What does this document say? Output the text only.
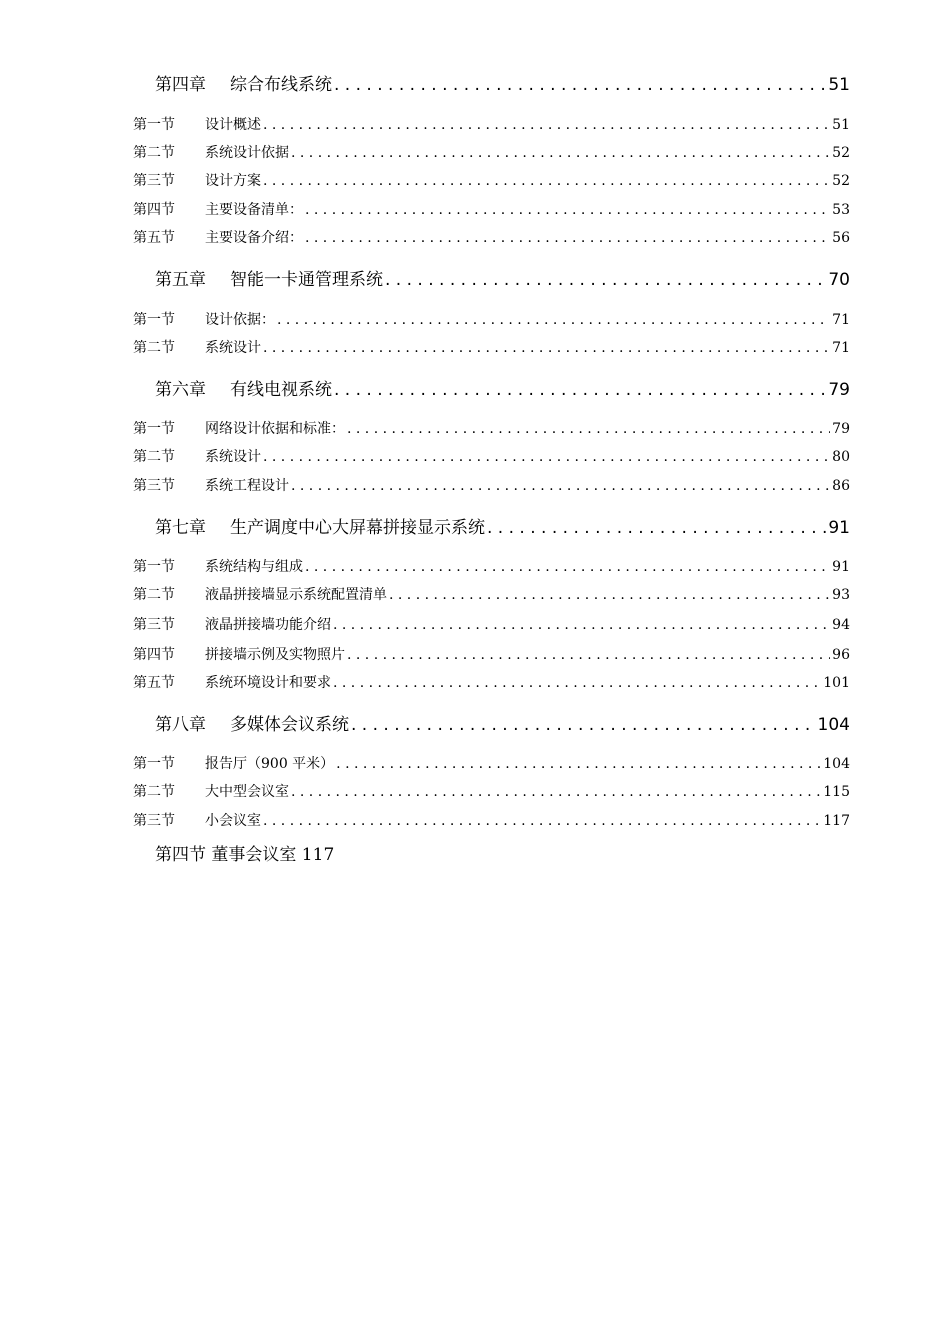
第四章	综合布线系统 . . .	51
第一节	设计概述 . . .	51
第二节	系统设计依据 . . .	52
第三节	设计方案 . . .	52
第四节	主要设备清单： . . .	53
第五节	主要设备介绍： . . .	56
第五章	智能一卡通管理系统 . . .	70
第一节	设计依据： . . .	71
第二节	系统设计 . . .	71
第六章	有线电视系统 . . .	79
第一节	网络设计依据和标准： . . .	79
第二节	系统设计 . . .	80
第三节	系统工程设计 . . .	86
第七章	生产调度中心大屏幕拼接显示系统 . . .	91
第一节	系统结构与组成 . . .	91
第二节	液晶拼接墙显示系统配置清单 . . .	93
第三节	液晶拼接墙功能介绍 . . .	94
第四节	拼接墙示例及实物照片 . . .	96
第五节	系统环境设计和要求 . . .	101
第八章	多媒体会议系统 . . .	104
第一节	报告厅（900 平米） . . .	104
第二节	大中型会议室 . . .	115
第三节	小会议室 . . .	117
第四节 董事会议室 117
